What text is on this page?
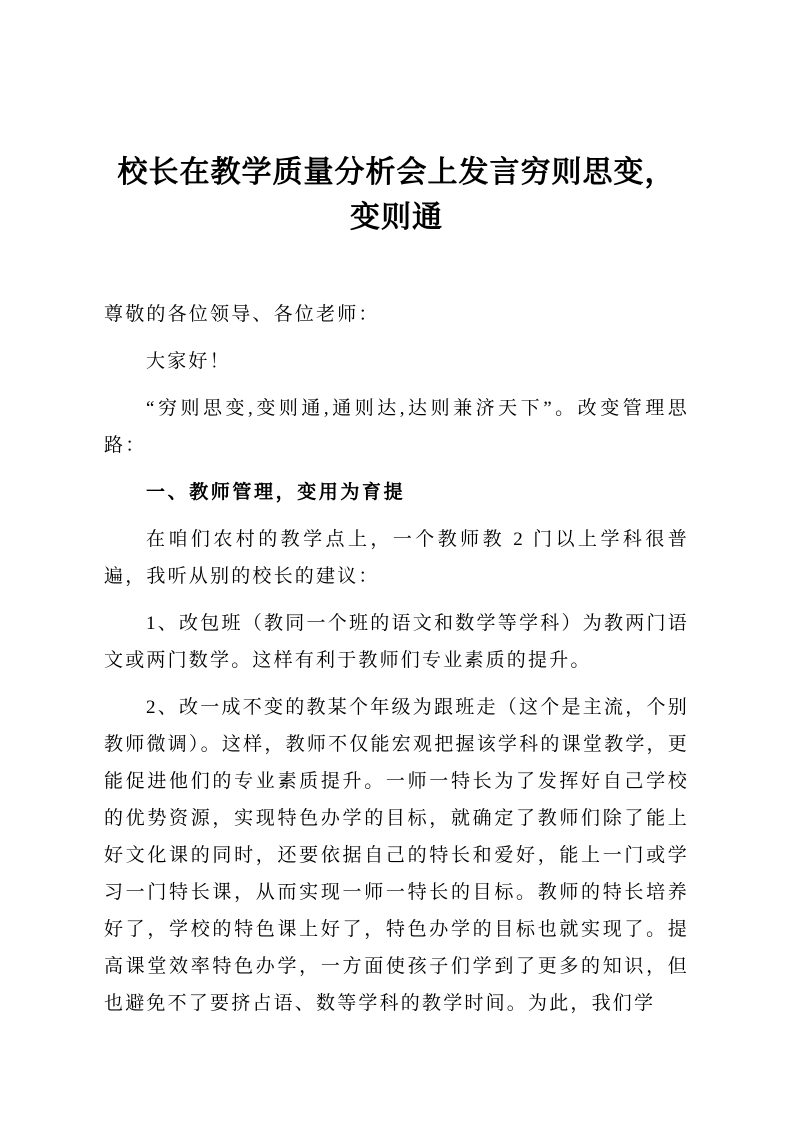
校长在教学质量分析会上发言穷则思变，变则通

尊敬的各位领导、各位老师：

大家好！

“穷则思变,变则通,通则达,达则兼济天下”。改变管理思路：

一、教师管理，变用为育提

在咱们农村的教学点上，一个教师教 2 门以上学科很普遍，我听从别的校长的建议：

1、改包班（教同一个班的语文和数学等学科）为教两门语文或两门数学。这样有利于教师们专业素质的提升。

2、改一成不变的教某个年级为跟班走（这个是主流，个别教师微调）。这样，教师不仅能宏观把握该学科的课堂教学，更能促进他们的专业素质提升。一师一特长为了发挥好自己学校的优势资源，实现特色办学的目标，就确定了教师们除了能上好文化课的同时，还要依据自己的特长和爱好，能上一门或学习一门特长课，从而实现一师一特长的目标。教师的特长培养好了，学校的特色课上好了，特色办学的目标也就实现了。提高课堂效率特色办学，一方面使孩子们学到了更多的知识，但也避免不了要挤占语、数等学科的教学时间。为此，我们学
